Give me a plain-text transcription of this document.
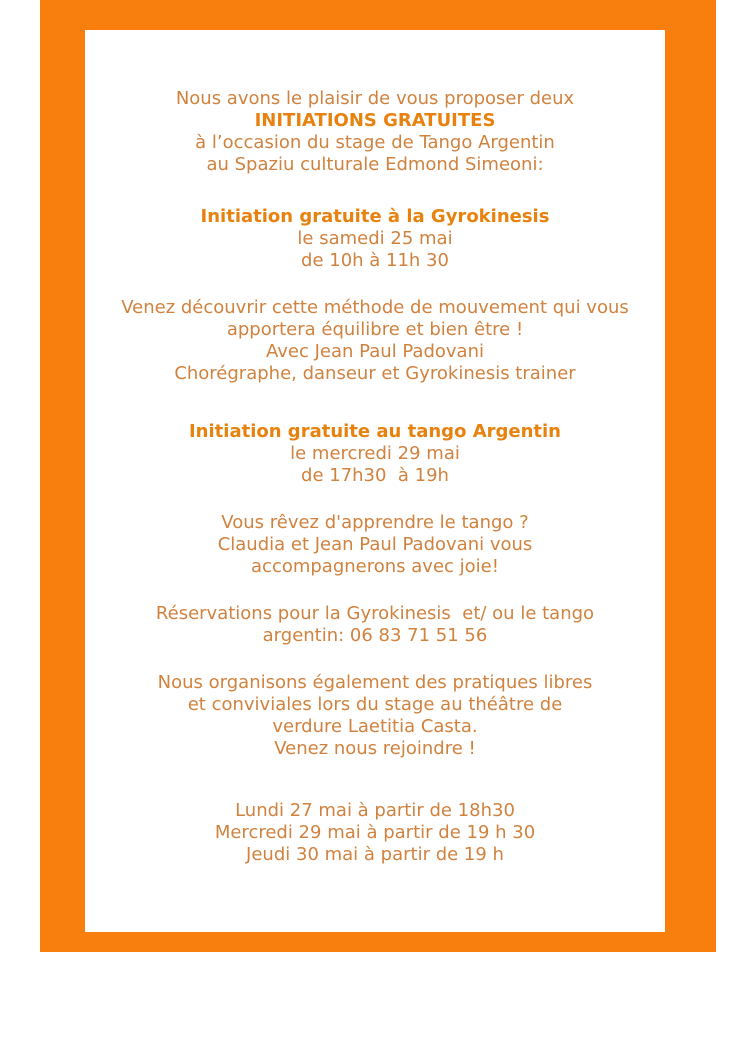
Nous avons le plaisir de vous proposer deux
INITIATIONS GRATUITES
à l’occasion du stage de Tango Argentin
au Spaziu culturale Edmond Simeoni:

Initiation gratuite à la Gyrokinesis
le samedi 25 mai
de 10h à 11h 30

Venez découvrir cette méthode de mouvement qui vous
apportera équilibre et bien être !
Avec Jean Paul Padovani
Chorégraphe, danseur et Gyrokinesis trainer

Initiation gratuite au tango Argentin
le mercredi 29 mai
de 17h30  à 19h

Vous rêvez d'apprendre le tango ?
Claudia et Jean Paul Padovani vous
accompagnerons avec joie!

Réservations pour la Gyrokinesis  et/ ou le tango
argentin: 06 83 71 51 56

Nous organisons également des pratiques libres
et conviviales lors du stage au théâtre de
verdure Laetitia Casta.
Venez nous rejoindre !

Lundi 27 mai à partir de 18h30
Mercredi 29 mai à partir de 19 h 30
Jeudi 30 mai à partir de 19 h
